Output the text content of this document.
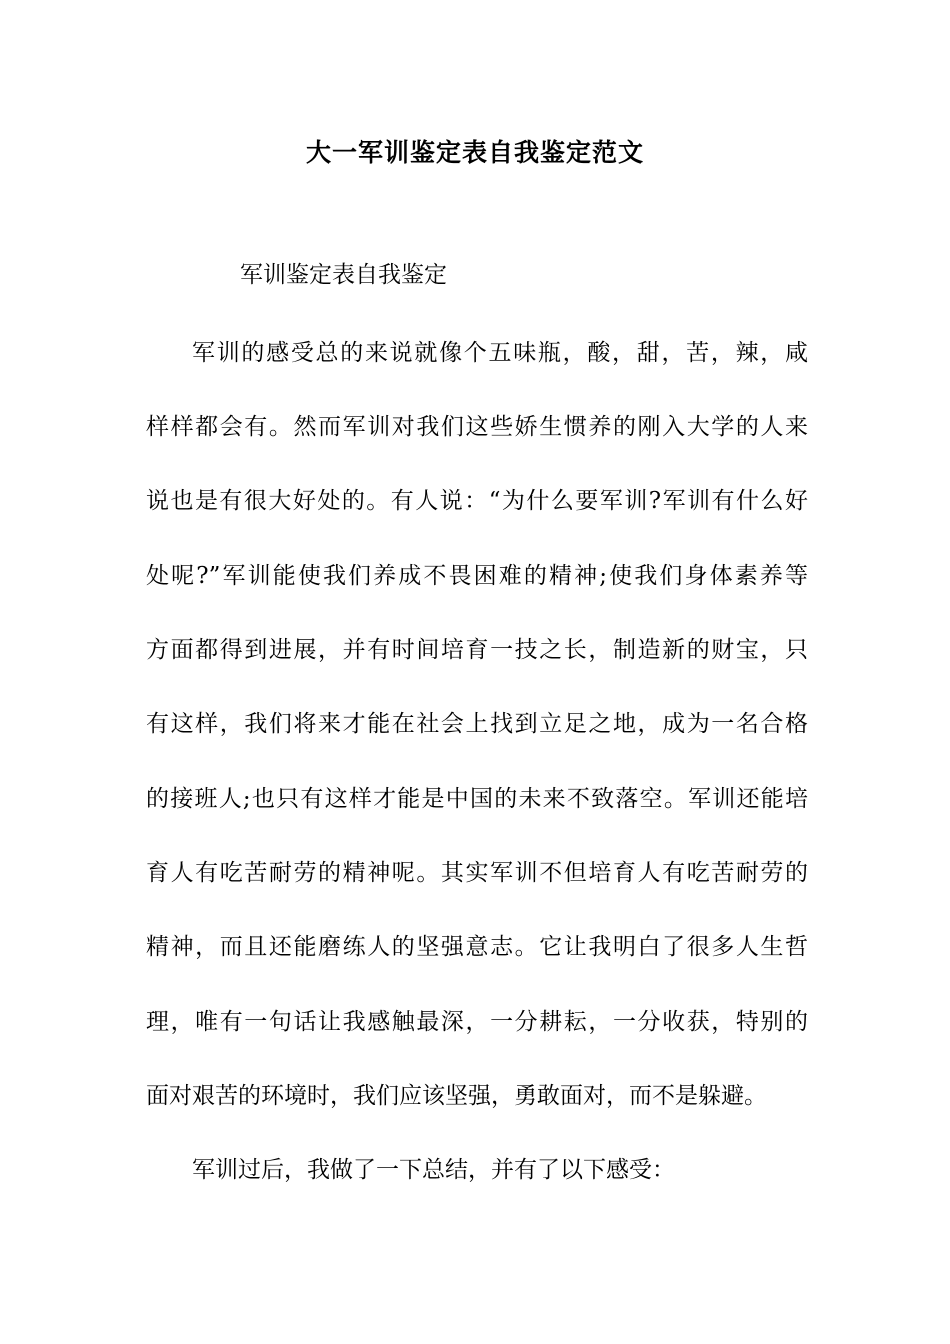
大一军训鉴定表自我鉴定范文
军训鉴定表自我鉴定
军训的感受总的来说就像个五味瓶，酸，甜，苦，辣，咸
样样都会有。然而军训对我们这些娇生惯养的刚入大学的人来
说也是有很大好处的。有人说：“为什么要军训?军训有什么好
处呢?”军训能使我们养成不畏困难的精神;使我们身体素养等
方面都得到进展，并有时间培育一技之长，制造新的财宝，只
有这样，我们将来才能在社会上找到立足之地，成为一名合格
的接班人;也只有这样才能是中国的未来不致落空。军训还能培
育人有吃苦耐劳的精神呢。其实军训不但培育人有吃苦耐劳的
精神，而且还能磨练人的坚强意志。它让我明白了很多人生哲
理，唯有一句话让我感触最深，一分耕耘，一分收获，特别的
面对艰苦的环境时，我们应该坚强，勇敢面对，而不是躲避。
军训过后，我做了一下总结，并有了以下感受：
